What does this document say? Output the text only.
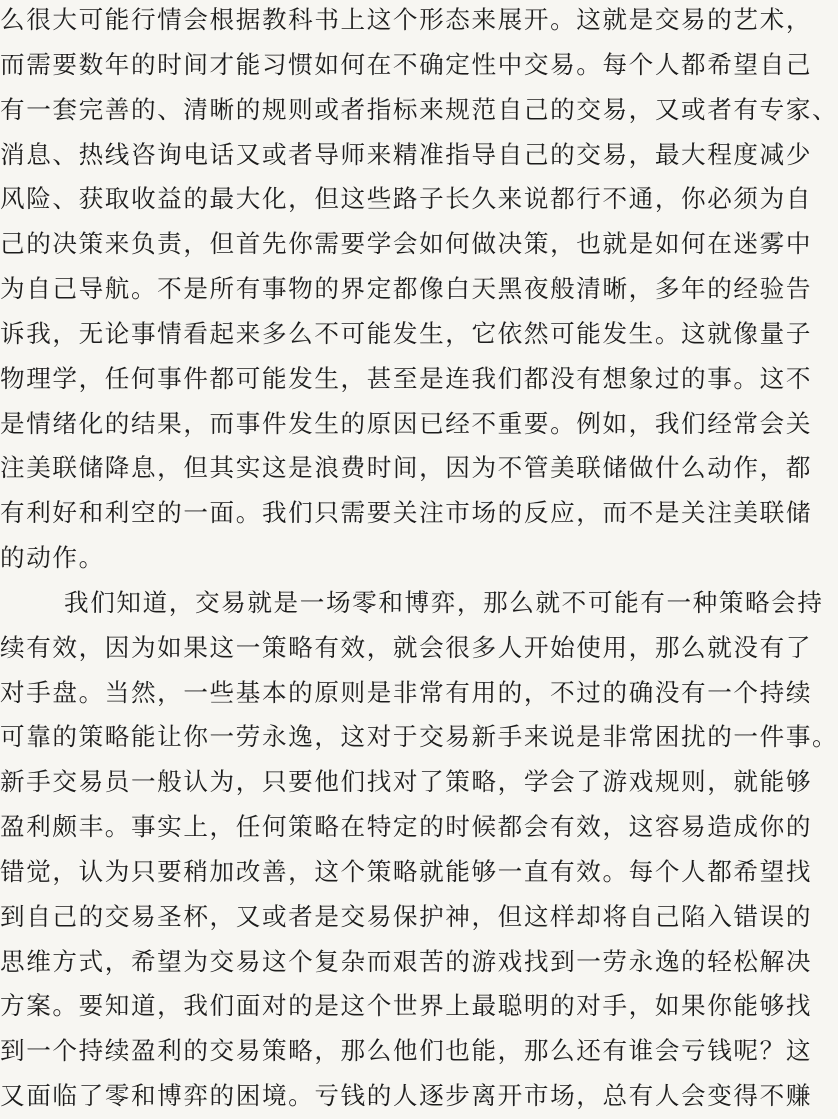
么很大可能行情会根据教科书上这个形态来展开。这就是交易的艺术，
而需要数年的时间才能习惯如何在不确定性中交易。每个人都希望自己
有一套完善的、清晰的规则或者指标来规范自己的交易，又或者有专家、
消息、热线咨询电话又或者导师来精准指导自己的交易，最大程度减少
风险、获取收益的最大化，但这些路子长久来说都行不通，你必须为自
己的决策来负责，但首先你需要学会如何做决策，也就是如何在迷雾中
为自己导航。不是所有事物的界定都像白天黑夜般清晰，多年的经验告
诉我，无论事情看起来多么不可能发生，它依然可能发生。这就像量子
物理学，任何事件都可能发生，甚至是连我们都没有想象过的事。这不
是情绪化的结果，而事件发生的原因已经不重要。例如，我们经常会关
注美联储降息，但其实这是浪费时间，因为不管美联储做什么动作，都
有利好和利空的一面。我们只需要关注市场的反应，而不是关注美联储
的动作。
我们知道，交易就是一场零和博弈，那么就不可能有一种策略会持
续有效，因为如果这一策略有效，就会很多人开始使用，那么就没有了
对手盘。当然，一些基本的原则是非常有用的，不过的确没有一个持续
可靠的策略能让你一劳永逸，这对于交易新手来说是非常困扰的一件事。
新手交易员一般认为，只要他们找对了策略，学会了游戏规则，就能够
盈利颇丰。事实上，任何策略在特定的时候都会有效，这容易造成你的
错觉，认为只要稍加改善，这个策略就能够一直有效。每个人都希望找
到自己的交易圣杯，又或者是交易保护神，但这样却将自己陷入错误的
思维方式，希望为交易这个复杂而艰苦的游戏找到一劳永逸的轻松解决
方案。要知道，我们面对的是这个世界上最聪明的对手，如果你能够找
到一个持续盈利的交易策略，那么他们也能，那么还有谁会亏钱呢？这
又面临了零和博弈的困境。亏钱的人逐步离开市场，总有人会变得不赚
